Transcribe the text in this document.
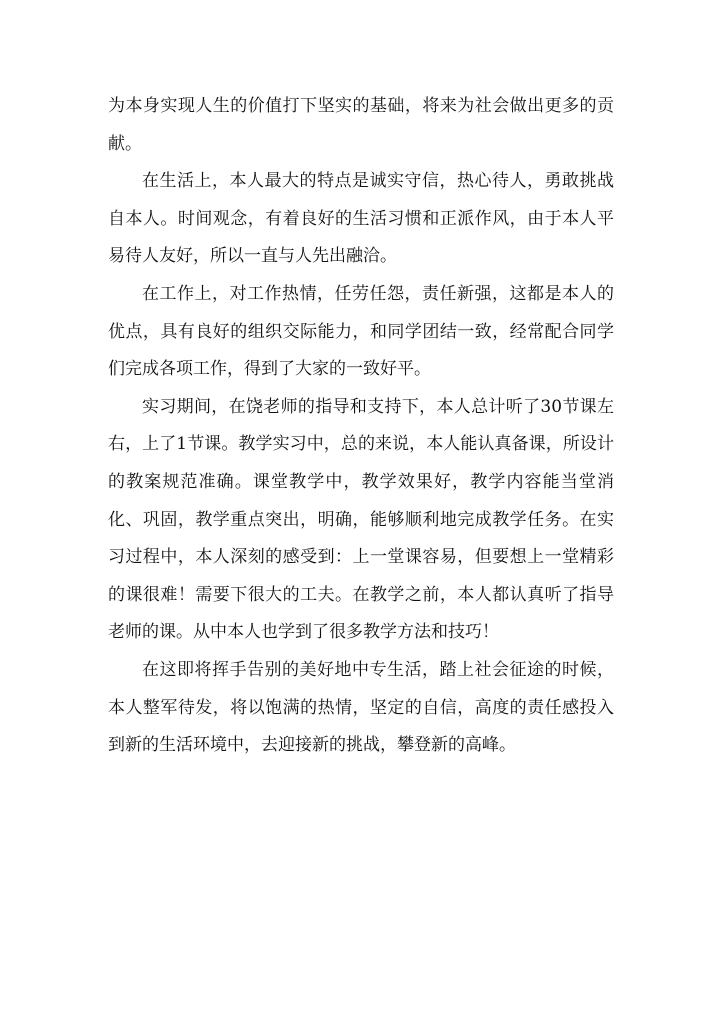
为本身实现人生的价值打下坚实的基础，将来为社会做出更多的贡献。

在生活上，本人最大的特点是诚实守信，热心待人，勇敢挑战自本人。时间观念，有着良好的生活习惯和正派作风，由于本人平易待人友好，所以一直与人先出融洽。

在工作上，对工作热情，任劳任怨，责任新强，这都是本人的优点，具有良好的组织交际能力，和同学团结一致，经常配合同学们完成各项工作，得到了大家的一致好平。

实习期间，在饶老师的指导和支持下，本人总计听了30节课左右，上了1节课。教学实习中，总的来说，本人能认真备课，所设计的教案规范准确。课堂教学中，教学效果好，教学内容能当堂消化、巩固，教学重点突出，明确，能够顺利地完成教学任务。在实习过程中，本人深刻的感受到：上一堂课容易，但要想上一堂精彩的课很难！需要下很大的工夫。在教学之前，本人都认真听了指导老师的课。从中本人也学到了很多教学方法和技巧！

在这即将挥手告别的美好地中专生活，踏上社会征途的时候，本人整军待发，将以饱满的热情，坚定的自信，高度的责任感投入到新的生活环境中，去迎接新的挑战，攀登新的高峰。
